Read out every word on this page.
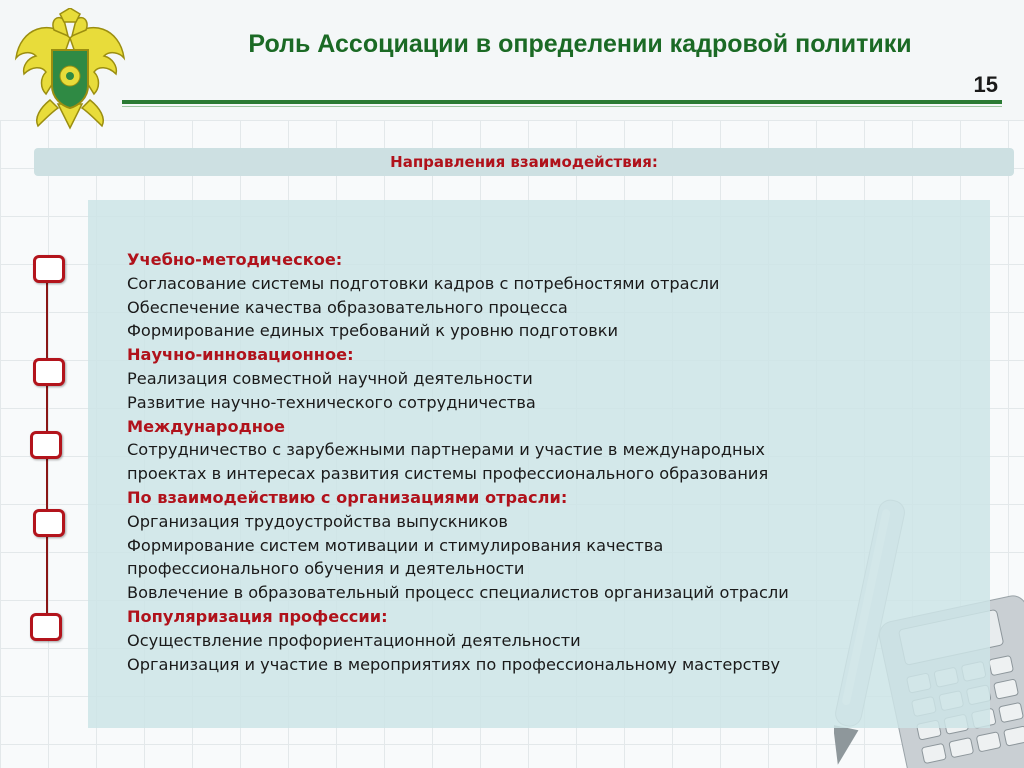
Роль Ассоциации в определении кадровой политики
15
Направления взаимодействия:
Учебно-методическое:
Согласование системы подготовки кадров с потребностями отрасли
Обеспечение качества образовательного процесса
Формирование единых требований к уровню подготовки
Научно-инновационное:
Реализация совместной научной деятельности
Развитие научно-технического сотрудничества
Международное
Сотрудничество с зарубежными партнерами и участие в международных
проектах в интересах развития системы профессионального образования
По взаимодействию с организациями отрасли:
Организация трудоустройства выпускников
Формирование систем мотивации и стимулирования качества
профессионального обучения и деятельности
Вовлечение в образовательный процесс специалистов организаций отрасли
Популяризация профессии:
Осуществление профориентационной деятельности
Организация и участие в мероприятиях по профессиональному мастерству
